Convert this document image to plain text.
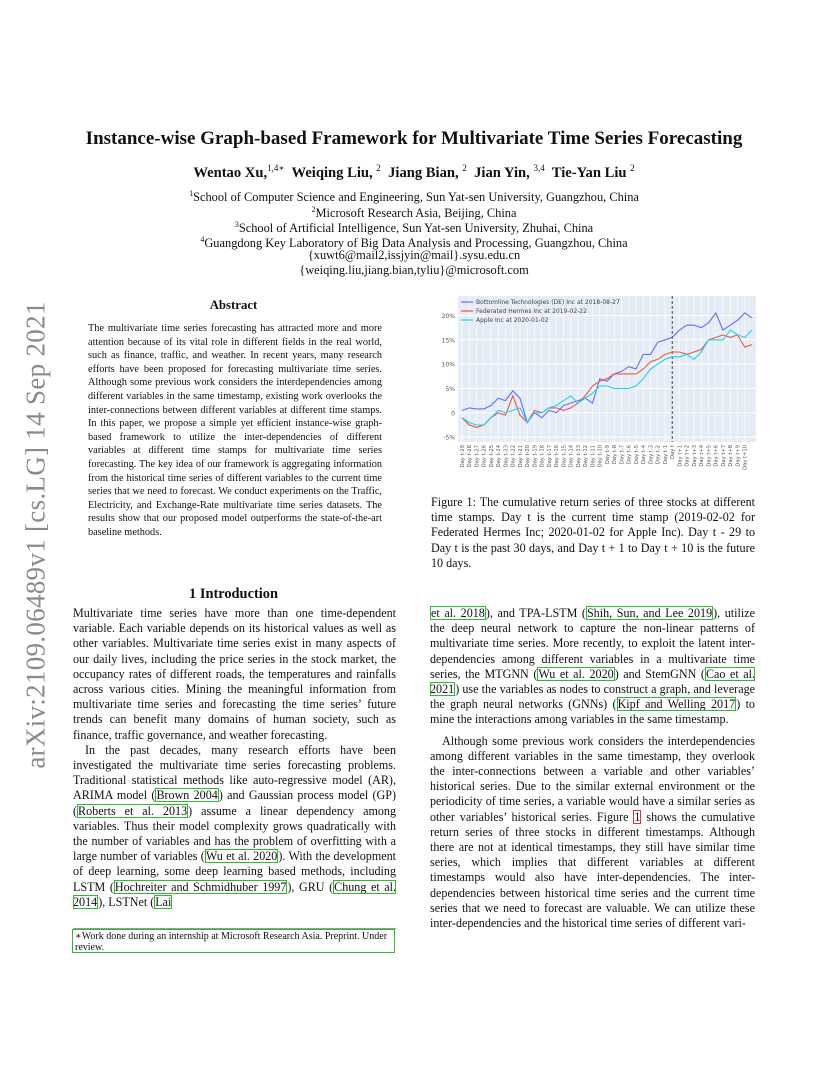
arXiv:2109.06489v1 [cs.LG] 14 Sep 2021
Instance-wise Graph-based Framework for Multivariate Time Series Forecasting
Wentao Xu,$^{1,4∗}$ Weiqing Liu, $^2$ Jiang Bian, $^2$ Jian Yin, $^{3,4}$ Tie-Yan Liu $^2$
$^1$School of Computer Science and Engineering, Sun Yat-sen University, Guangzhou, China
$^2$Microsoft Research Asia, Beijing, China
$^3$School of Artificial Intelligence, Sun Yat-sen University, Zhuhai, China
$^4$Guangdong Key Laboratory of Big Data Analysis and Processing, Guangzhou, China
{xuwt6@mail2,issjyin@mail}.sysu.edu.cn
{weiqing.liu,jiang.bian,tyliu}@microsoft.com
Abstract
The multivariate time series forecasting has attracted more and more attention because of its vital role in different fields in the real world, such as finance, traffic, and weather. In recent years, many research efforts have been proposed for forecasting multivariate time series. Although some previous work considers the interdependencies among different variables in the same timestamp, existing work overlooks the inter-connections between different variables at different time stamps. In this paper, we propose a simple yet efficient instance-wise graph-based framework to utilize the inter-dependencies of different variables at different time stamps for multivariate time series forecasting. The key idea of our framework is aggregating information from the historical time series of different variables to the current time series that we need to forecast. We conduct experiments on the Traffic, Electricity, and Exchange-Rate multivariate time series datasets. The results show that our proposed model outperforms the state-of-the-art baseline methods.
1 Introduction

Multivariate time series have more than one time-dependent variable. Each variable depends on its historical values as well as other variables. Multivariate time series exist in many aspects of our daily lives, including the price series in the stock market, the occupancy rates of different roads, the temperatures and rainfalls across various cities. Mining the meaningful information from multivariate time series and forecasting the time series’ future trends can benefit many domains of human society, such as finance, traffic governance, and weather forecasting.

In the past decades, many research efforts have been investigated the multivariate time series forecasting problems. Traditional statistical methods like auto-regressive model (AR), ARIMA model (Brown 2004) and Gaussian process model (GP) (Roberts et al. 2013) assume a linear dependency among variables. Thus their model complexity grows quadratically with the number of variables and has the problem of overfitting with a large number of variables (Wu et al. 2020). With the development of deep learning, some deep learning based methods, including LSTM (Hochreiter and Schmidhuber 1997), GRU (Chung et al. 2014), LSTNet (Lai

∗Work done during an internship at Microsoft Research Asia. Preprint. Under review.
-5%
0
5%
10%
15%
20%
Day t-29 Day t-28 Day t-27 Day t-26 Day t-25 Day t-24 Day t-23 Day t-22 Day t-21 Day t-20 Day t-19 Day t-18 Day t-17 Day t-16 Day t-15 Day t-14 Day t-13 Day t-12 Day t-11 Day t-10 Day t-9 Day t-8 Day t-7 Day t-6 Day t-5 Day t-4 Day t-3 Day t-2 Day t-1 Day t Day t+1 Day t+2 Day t+3 Day t+4 Day t+5 Day t+6 Day t+7 Day t+8 Day t+9 Day t+10
Bottomline Technologies (DE) Inc at 2018-08-27
Federated Hermes Inc at 2019-02-22
Apple Inc at 2020-01-02
Figure 1: The cumulative return series of three stocks at different time stamps. Day t is the current time stamp (2019-02-02 for Federated Hermes Inc; 2020-01-02 for Apple Inc). Day t - 29 to Day t is the past 30 days, and Day t + 1 to Day t + 10 is the future 10 days.

et al. 2018), and TPA-LSTM (Shih, Sun, and Lee 2019), utilize the deep neural network to capture the non-linear patterns of multivariate time series. More recently, to exploit the latent inter-dependencies among different variables in a multivariate time series, the MTGNN (Wu et al. 2020) and StemGNN (Cao et al. 2021) use the variables as nodes to construct a graph, and leverage the graph neural networks (GNNs) (Kipf and Welling 2017) to mine the interactions among variables in the same timestamp.

Although some previous work considers the interdependencies among different variables in the same timestamp, they overlook the inter-connections between a variable and other variables’ historical series. Due to the similar external environment or the periodicity of time series, a variable would have a similar series as other variables’ historical series. Figure 1 shows the cumulative return series of three stocks in different timestamps. Although there are not at identical timestamps, they still have similar time series, which implies that different variables at different timestamps would also have inter-dependencies. The inter-dependencies between historical time series and the current time series that we need to forecast are valuable. We can utilize these inter-dependencies and the historical time series of different vari-
